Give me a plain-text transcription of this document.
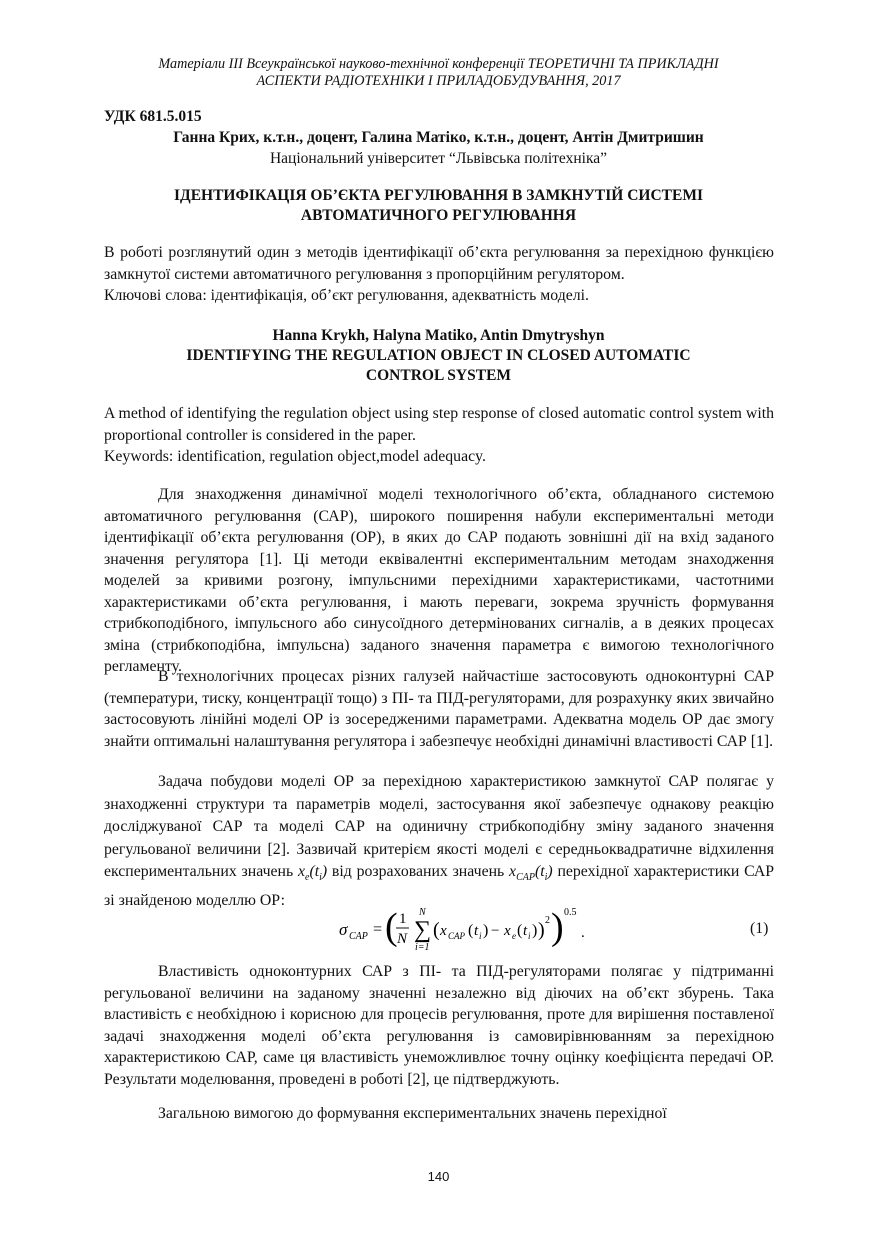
Матеріали ІІІ Всеукраїнської науково-технічної конференції ТЕОРЕТИЧНІ ТА ПРИКЛАДНІ
АСПЕКТИ РАДІОТЕХНІКИ І ПРИЛАДОБУДУВАННЯ, 2017
УДК 681.5.015
Ганна Крих, к.т.н., доцент, Галина Матіко, к.т.н., доцент, Антін Дмитришин
Національний університет “Львівська політехніка”
ІДЕНТИФІКАЦІЯ ОБ’ЄКТА РЕГУЛЮВАННЯ В ЗАМКНУТІЙ СИСТЕМІ
АВТОМАТИЧНОГО РЕГУЛЮВАННЯ
В роботі розглянутий один з методів ідентифікації об’єкта регулювання за перехідною функцією замкнутої системи автоматичного регулювання з пропорційним регулятором.
Ключові слова: ідентифікація, об’єкт регулювання, адекватність моделі.
Hanna Krykh, Halyna Matiko, Antin Dmytryshyn
IDENTIFYING THE REGULATION OBJECT IN CLOSED AUTOMATIC
CONTROL SYSTEM
A method of identifying the regulation object using step response of closed automatic control system with proportional controller is considered in the paper.
Keywords: identification, regulation object,model adequacy.
Для знаходження динамічної моделі технологічного об’єкта, обладнаного системою автоматичного регулювання (САР), широкого поширення набули експериментальні методи ідентифікації об’єкта регулювання (ОР), в яких до САР подають зовнішні дії на вхід заданого значення регулятора [1]. Ці методи еквівалентні експериментальним методам знаходження моделей за кривими розгону, імпульсними перехідними характеристиками, частотними характеристиками об’єкта регулювання, і мають переваги, зокрема зручність формування стрибкоподібного, імпульсного або синусоїдного детермінованих сигналів, а в деяких процесах зміна (стрибкоподібна, імпульсна) заданого значення параметра є вимогою технологічного регламенту.
В технологічних процесах різних галузей найчастіше застосовують одноконтурні САР (температури, тиску, концентрації тощо) з ПІ- та ПІД-регуляторами, для розрахунку яких звичайно застосовують лінійні моделі ОР із зосередженими параметрами. Адекватна модель ОР дає змогу знайти оптимальні налаштування регулятора і забезпечує необхідні динамічні властивості САР [1].
Задача побудови моделі ОР за перехідною характеристикою замкнутої САР полягає у знаходженні структури та параметрів моделі, застосування якої забезпечує однакову реакцію досліджуваної САР та моделі САР на одиничну стрибкоподібну зміну заданого значення регульованої величини [2]. Зазвичай критерієм якості моделі є середньоквадратичне відхилення експериментальних значень $x_e(t_i)$ від розрахованих значень $x_{CAP}(t_i)$ перехідної характеристики САР зі знайденою моделлю ОР:
σ CAP = ( 1
N
N
∑
i=1
( x CAP ( t i ) − x e ( t i ) ) 2 ) 0.5
.	(1)
Властивість одноконтурних САР з ПІ- та ПІД-регуляторами полягає у підтриманні регульованої величини на заданому значенні незалежно від діючих на об’єкт збурень. Така властивість є необхідною і корисною для процесів регулювання, проте для вирішення поставленої задачі знаходження моделі об’єкта регулювання із самовирівнюванням за перехідною характеристикою САР, саме ця властивість унеможливлює точну оцінку коефіцієнта передачі ОР. Результати моделювання, проведені в роботі [2], це підтверджують.
Загальною вимогою до формування експериментальних значень перехідної
140
